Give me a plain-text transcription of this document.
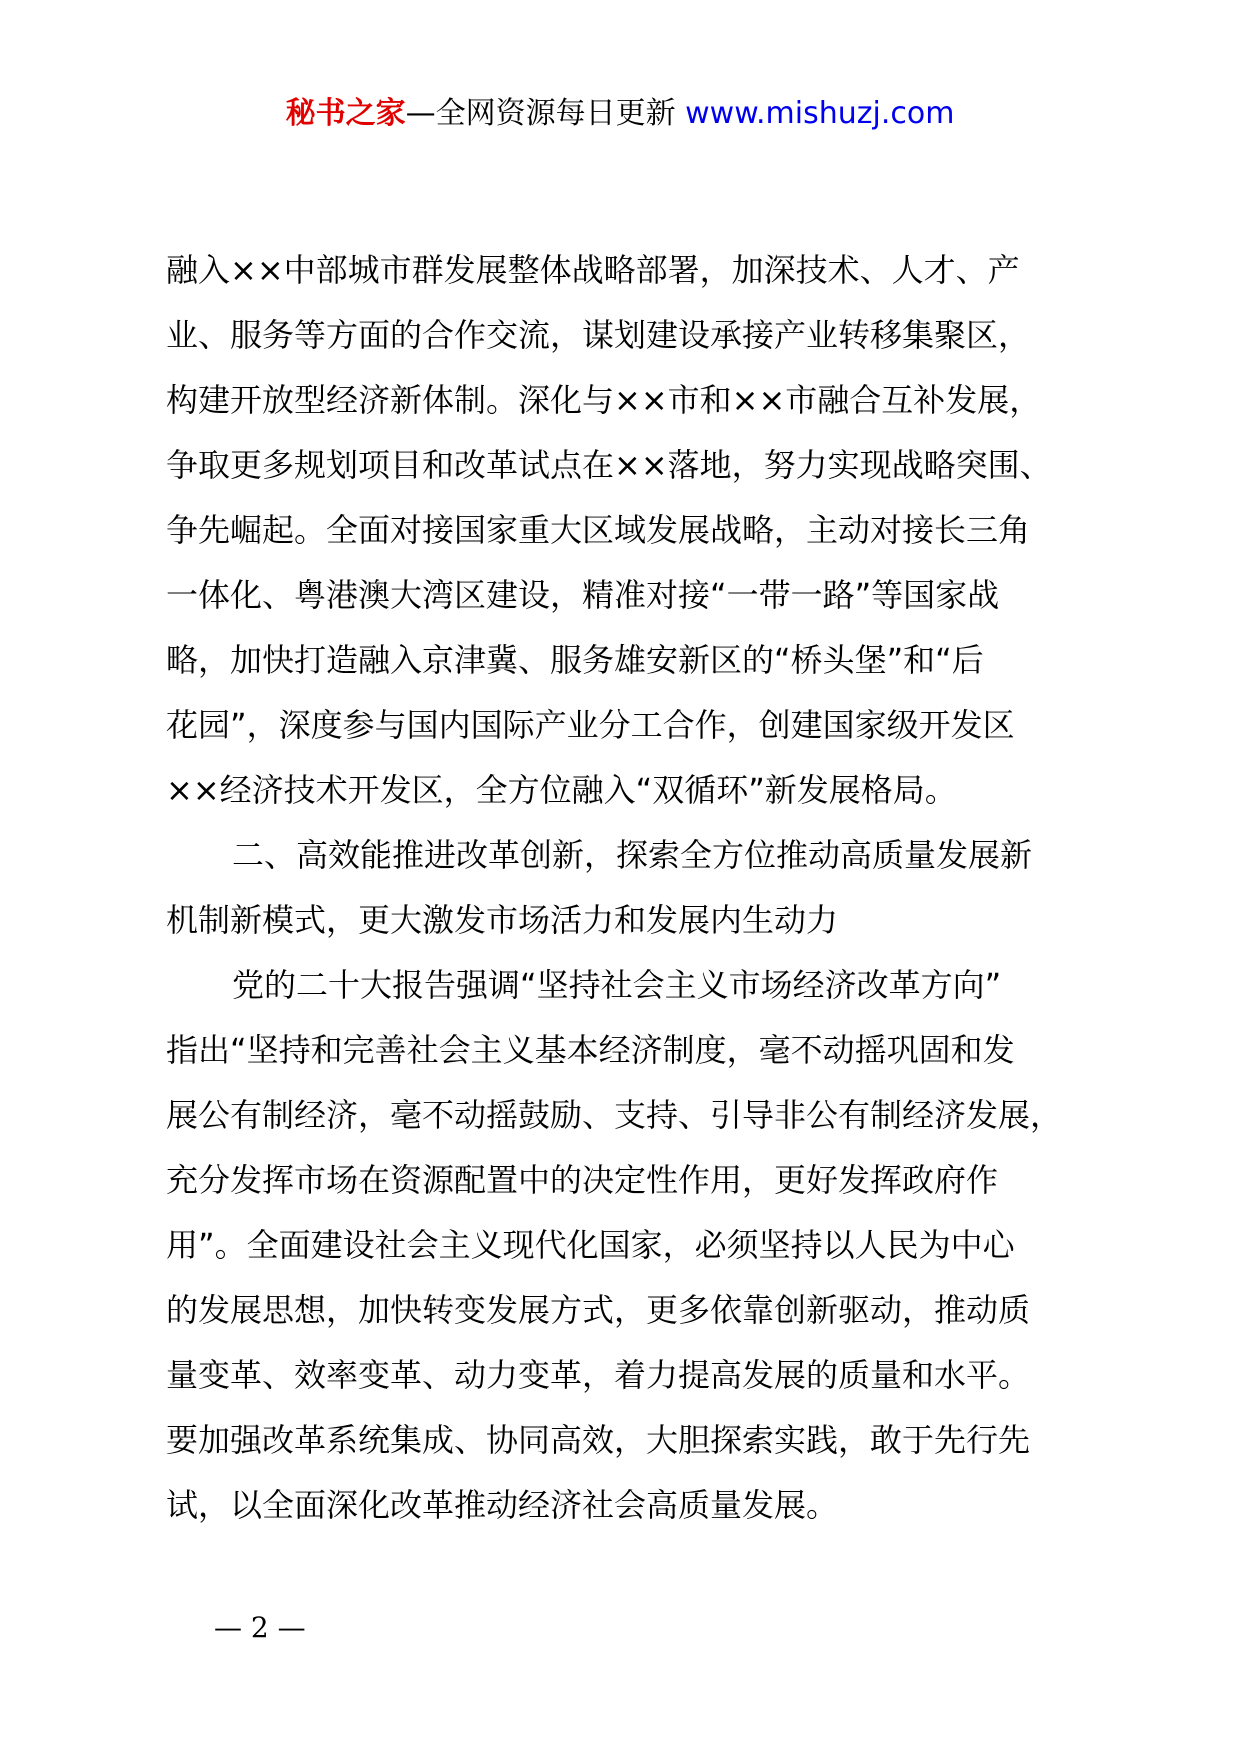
秘书之家—全网资源每日更新 www.mishuzj.com
融入××中部城市群发展整体战略部署，加深技术、人才、产
业、服务等方面的合作交流，谋划建设承接产业转移集聚区，
构建开放型经济新体制。深化与××市和××市融合互补发展，
争取更多规划项目和改革试点在××落地，努力实现战略突围、
争先崛起。全面对接国家重大区域发展战略，主动对接长三角
一体化、粤港澳大湾区建设，精准对接“一带一路”等国家战
略，加快打造融入京津冀、服务雄安新区的“桥头堡”和“后
花园”，深度参与国内国际产业分工合作，创建国家级开发区
××经济技术开发区，全方位融入“双循环”新发展格局。
二、高效能推进改革创新，探索全方位推动高质量发展新
机制新模式，更大激发市场活力和发展内生动力
党的二十大报告强调“坚持社会主义市场经济改革方向”
指出“坚持和完善社会主义基本经济制度，毫不动摇巩固和发
展公有制经济，毫不动摇鼓励、支持、引导非公有制经济发展，
充分发挥市场在资源配置中的决定性作用，更好发挥政府作
用”。全面建设社会主义现代化国家，必须坚持以人民为中心
的发展思想，加快转变发展方式，更多依靠创新驱动，推动质
量变革、效率变革、动力变革，着力提高发展的质量和水平。
要加强改革系统集成、协同高效，大胆探索实践，敢于先行先
试，以全面深化改革推动经济社会高质量发展。
— 2 —
